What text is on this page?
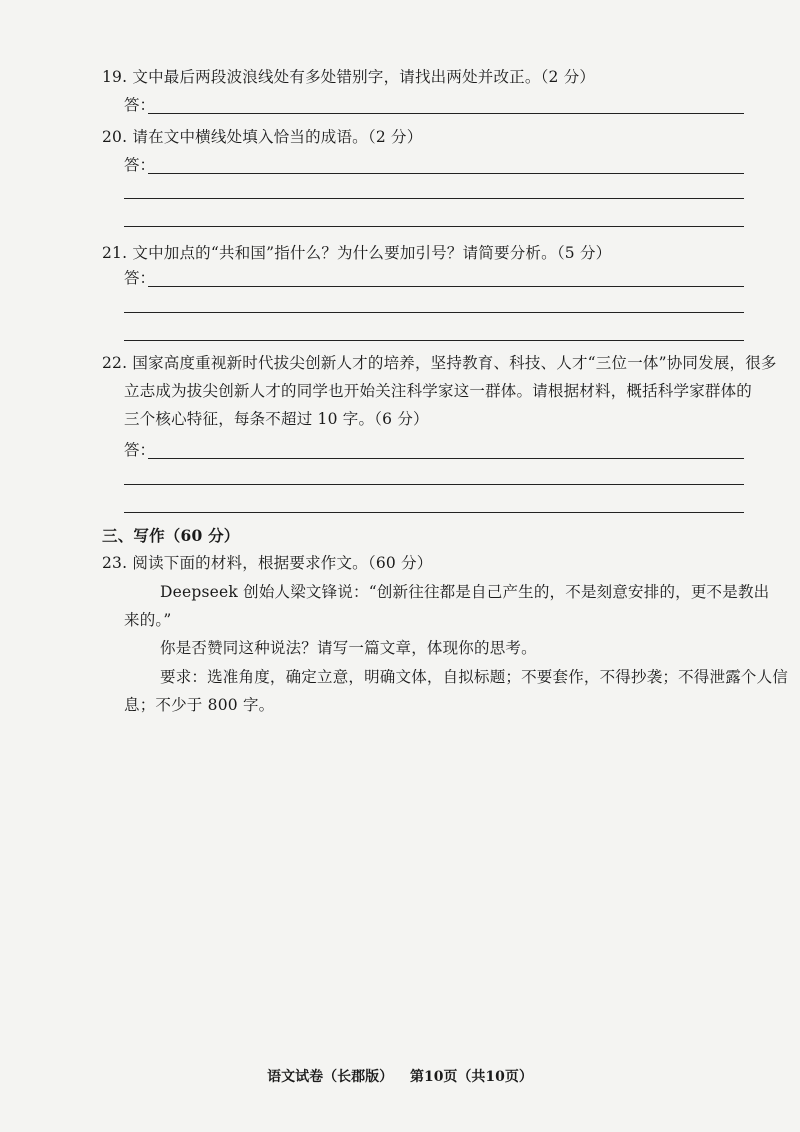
19. 文中最后两段波浪线处有多处错别字，请找出两处并改正。（2 分）
答：
20. 请在文中横线处填入恰当的成语。（2 分）
答：
21. 文中加点的“共和国”指什么？为什么要加引号？请简要分析。（5 分）
答：
22. 国家高度重视新时代拔尖创新人才的培养，坚持教育、科技、人才“三位一体”协同发展，很多
立志成为拔尖创新人才的同学也开始关注科学家这一群体。请根据材料，概括科学家群体的
三个核心特征，每条不超过 10 字。（6 分）
答：
三、写作（60 分）
23. 阅读下面的材料，根据要求作文。（60 分）
Deepseek 创始人梁文锋说：“创新往往都是自己产生的，不是刻意安排的，更不是教出
来的。”
你是否赞同这种说法？请写一篇文章，体现你的思考。
要求：选准角度，确定立意，明确文体，自拟标题；不要套作，不得抄袭；不得泄露个人信
息；不少于 800 字。
语文试卷（长郡版） 第10页（共10页）
